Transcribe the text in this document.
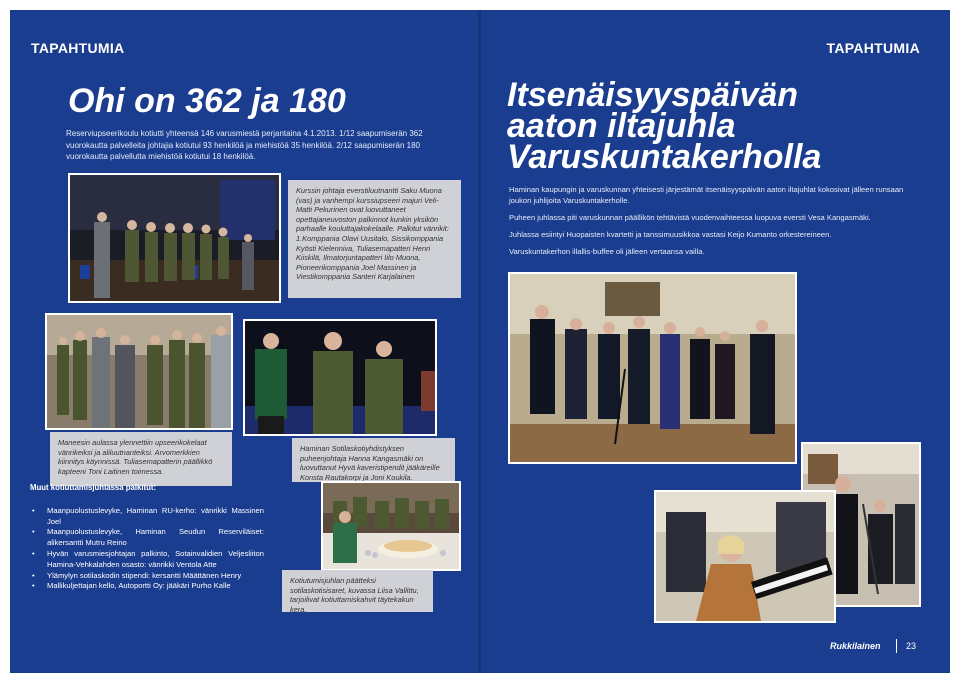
TAPAHTUMIA	TAPAHTUMIA
Ohi on 362 ja 180
Reserviupseerikoulu kotiutti yhteensä 146 varusmiestä perjantaina 4.1.2013. 1/12 saapumiserän 362 vuorokautta palvelleita johtajia kotiutui 93 henkilöä ja miehistöä 35 henkilöä. 2/12 saapumiserän 180 vuorokautta palvellutta miehistöä kotiutui 18 henkilöä.
Kurssin johtaja everstiluutnantti Saku Muona (vas) ja vanhempi kurssiupseeri majuri Veli-Matti Pekurinen ovat luovuttaneet opettajaneuvoston palkinnot kunkin yksikön parhaalle kouluttajakokelaalle. Palkitut vänrikit: 1.Komppania Olavi Uusitalo, Sissikomppania Kyösti Kielenniva, Tuliasemapatteri Henri Kiiskilä, Ilmatorjuntapatteri Iilo Muona, Pioneerikomppania Joel Massinen ja Viestikomppania Santeri Karjalainen
Maneesin aulassa ylennettiin upseerikokelaat vänrikeiksi ja aliluutnanteiksi. Arvomerkkien kiinnitys käynnissä. Tuliasemapatterin päällikkö kapteeni Toni Laitinen toimessa.
Haminan Sotilaskotiyhdistyksen puheenjohtaja Hanna Kangasmäki on luovuttanut Hyvä kaveristipendit jääkäreille Konsta Rautakorpi ja Joni Koukila.
Muut kotiuttamisjuhlassa palkitut:
• Maanpuolustuslevyke, Haminan RU-kerho: vänrikki Massinen Joel
• Maanpuolustuslevyke, Haminan Seudun Reserviläiset: alikersantti Mutru Reino
• Hyvän varusmiesjohtajan palkinto, Sotainvalidien Veljesliiton Hamina-Vehkalahden osasto: vänrikki Ventola Atte
• Ylämylyn sotilaskodin stipendi: kersantti Määttänen Henry
• Mallikuljettajan kello, Autoportti Oy: jääkäri Purho Kalle
Kotiutumisjuhlan päätteksi sotilaskotisisaret, kuvassa Liisa Vallittu, tarjoilivat kotiuttamiskahvit täytekakun kera.
Itsenäisyyspäivän
aaton iltajuhla
Varuskuntakerholla

Haminan kaupungin ja varuskunnan yhteisesti järjestämät itsenäisyyspäivän aaton iltajuhlat kokosivat jälleen runsaan joukon juhlijoita Varuskuntakerholle.

Puheen juhlassa piti varuskunnan päällikön tehtävistä vuodenvaihteessa luopuva eversti Vesa Kangasmäki.

Juhlassa esiintyi Huopaisten kvartetti ja tanssimuusikkoa vastasi Keijo Kumanto orkestereineen.

Varuskuntakerhon illallis-buffee oli jälleen vertaansa vailla.

Rukkilainen	23
